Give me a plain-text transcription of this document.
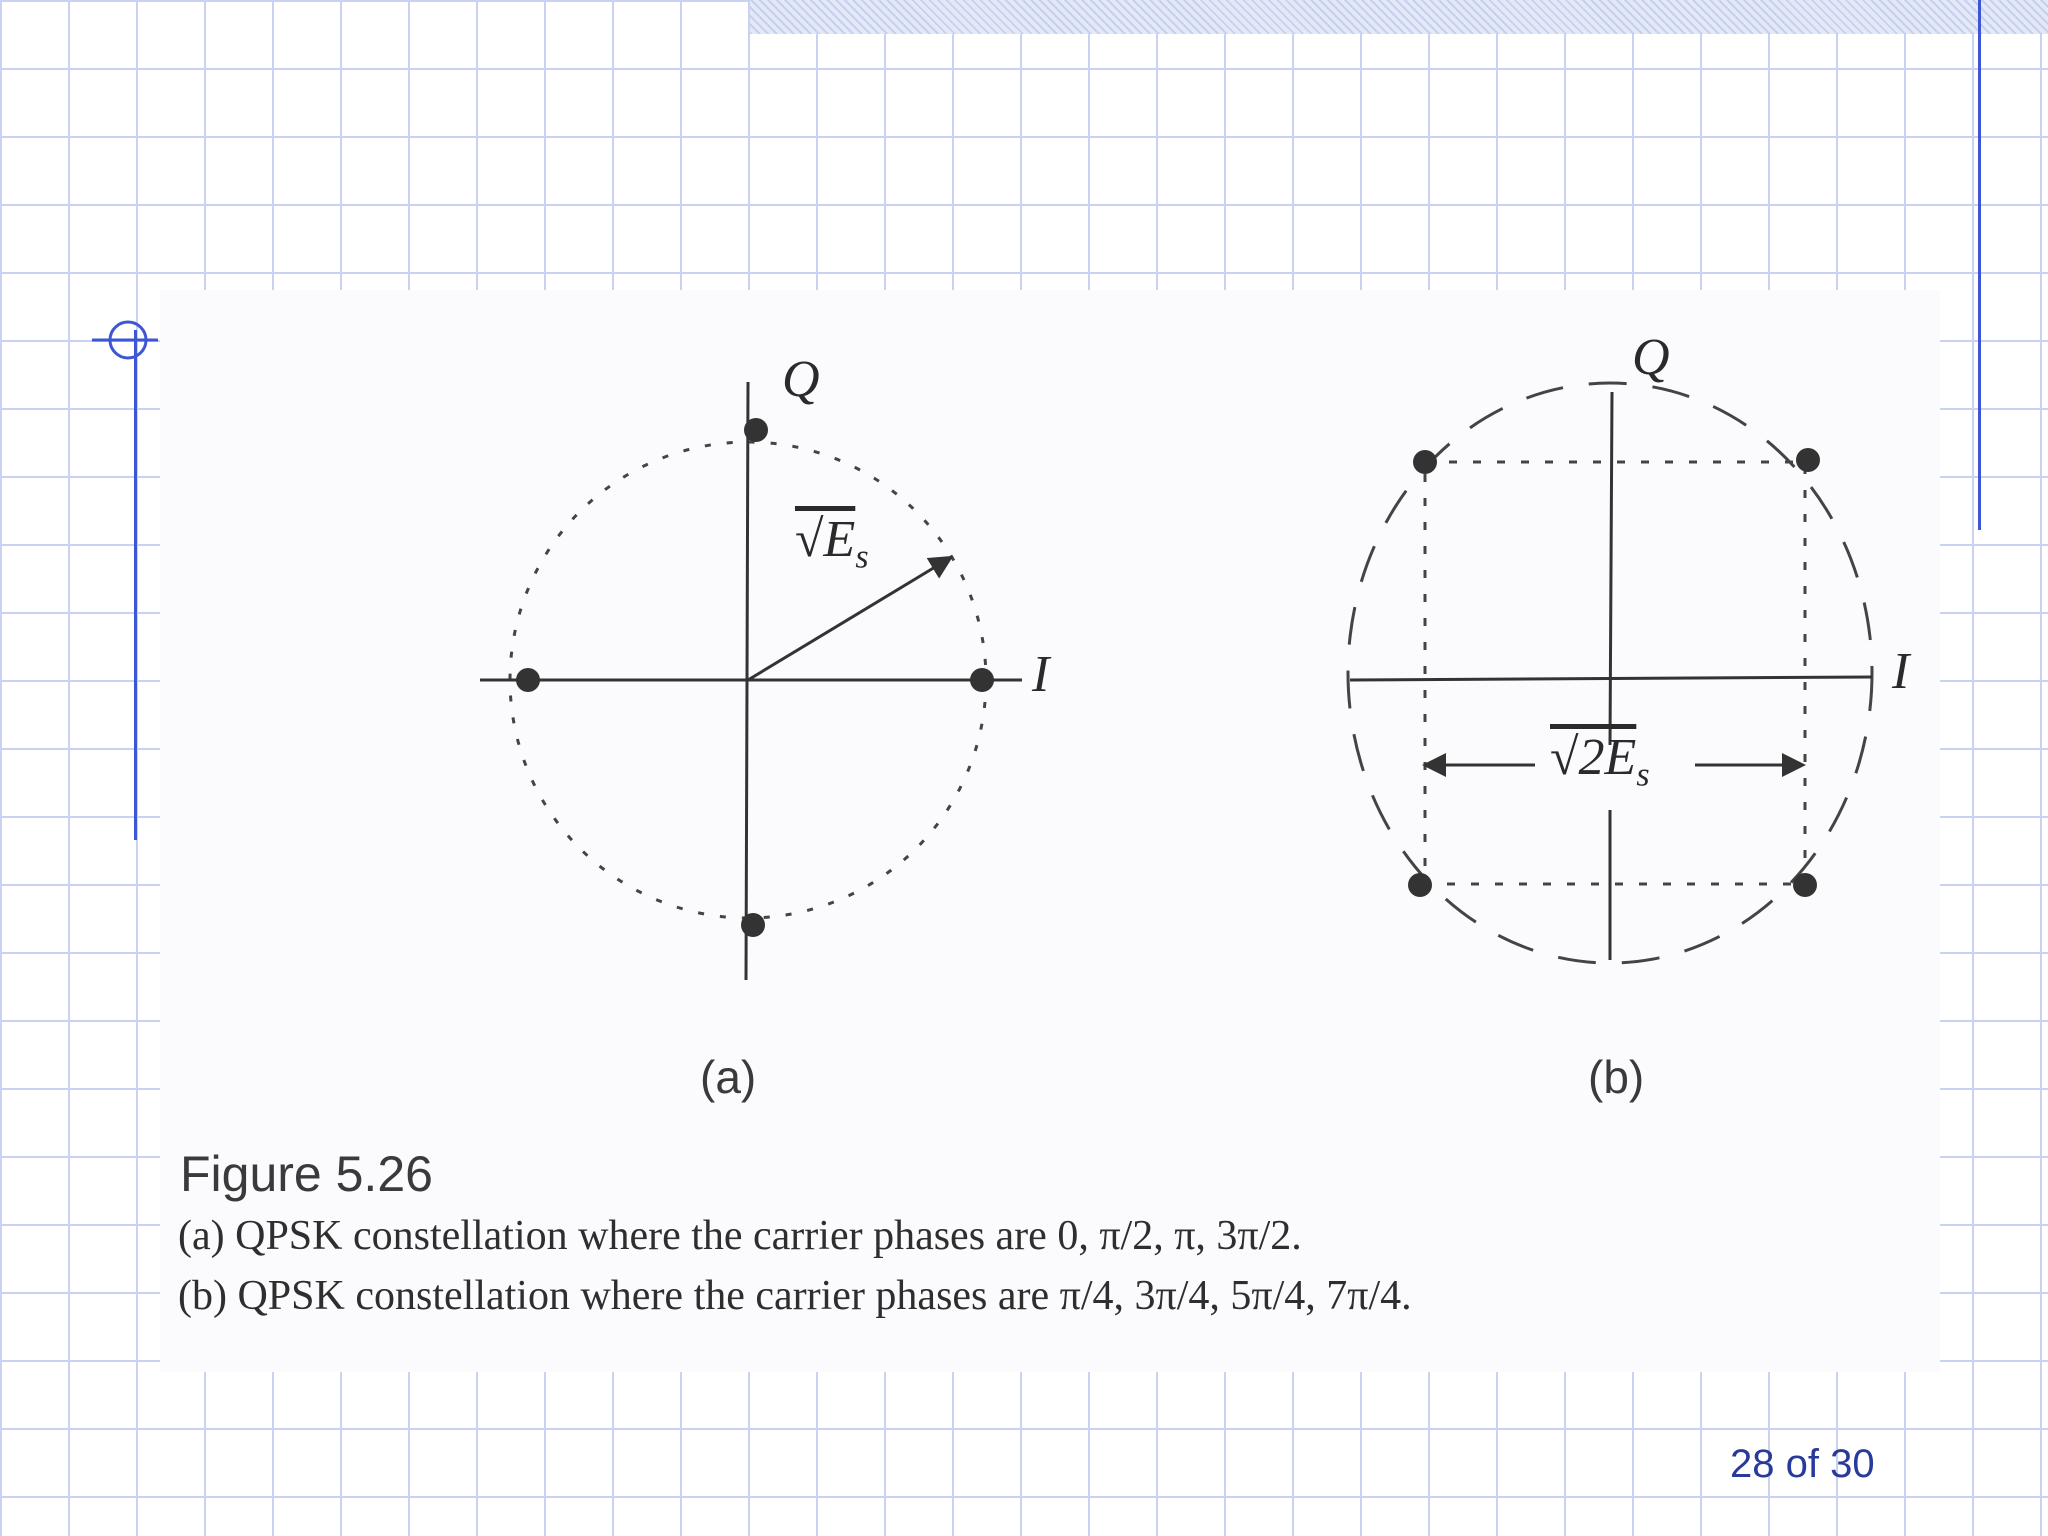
Q
I
$√E_s$
(a)
Q
I
$√2E_s$
(b)
Figure 5.26
(a) QPSK constellation where the carrier phases are 0, π/2, π, 3π/2.
(b) QPSK constellation where the carrier phases are π/4, 3π/4, 5π/4, 7π/4.
28 of 30
